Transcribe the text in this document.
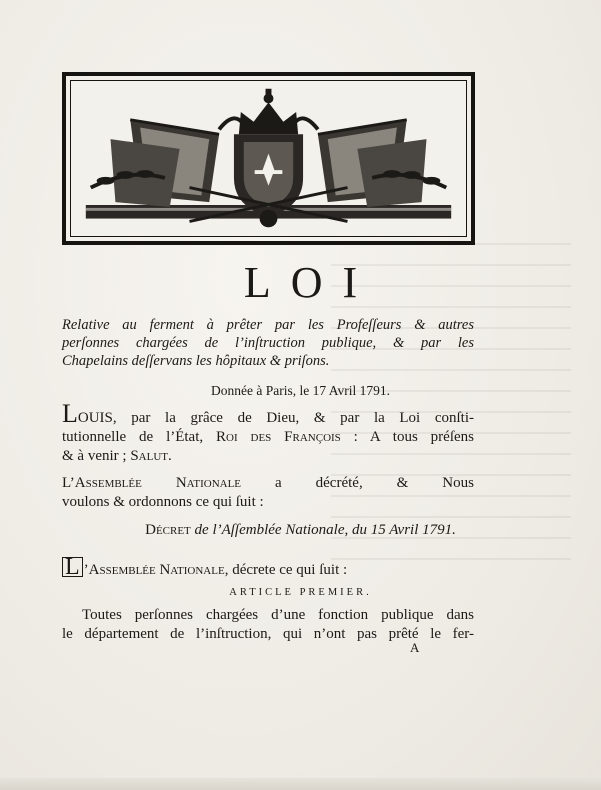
LOI
Relative au ferment à prêter par les Profeſſeurs & autres
perſonnes chargées de l’inſtruction publique, & par les
Chapelains deſſervans les hôpitaux & priſons.
Donnée à Paris, le 17 Avril 1791.
LOUIS, par la grâce de Dieu, & par la Loi conſti-
tutionnelle de l’État, Roi des François : A tous préſens
& à venir ; Salut.
L’Assemblée Nationale a décrété, & Nous
voulons & ordonnons ce qui ſuit :
Décret de l’Aſſemblée Nationale, du 15 Avril 1791.
L ’Assemblée Nationale, décrete ce qui ſuit :
ARTICLE PREMIER.
Toutes perſonnes chargées d’une fonction publique dans
le département de l’inſtruction, qui n’ont pas prêté le fer-
A
